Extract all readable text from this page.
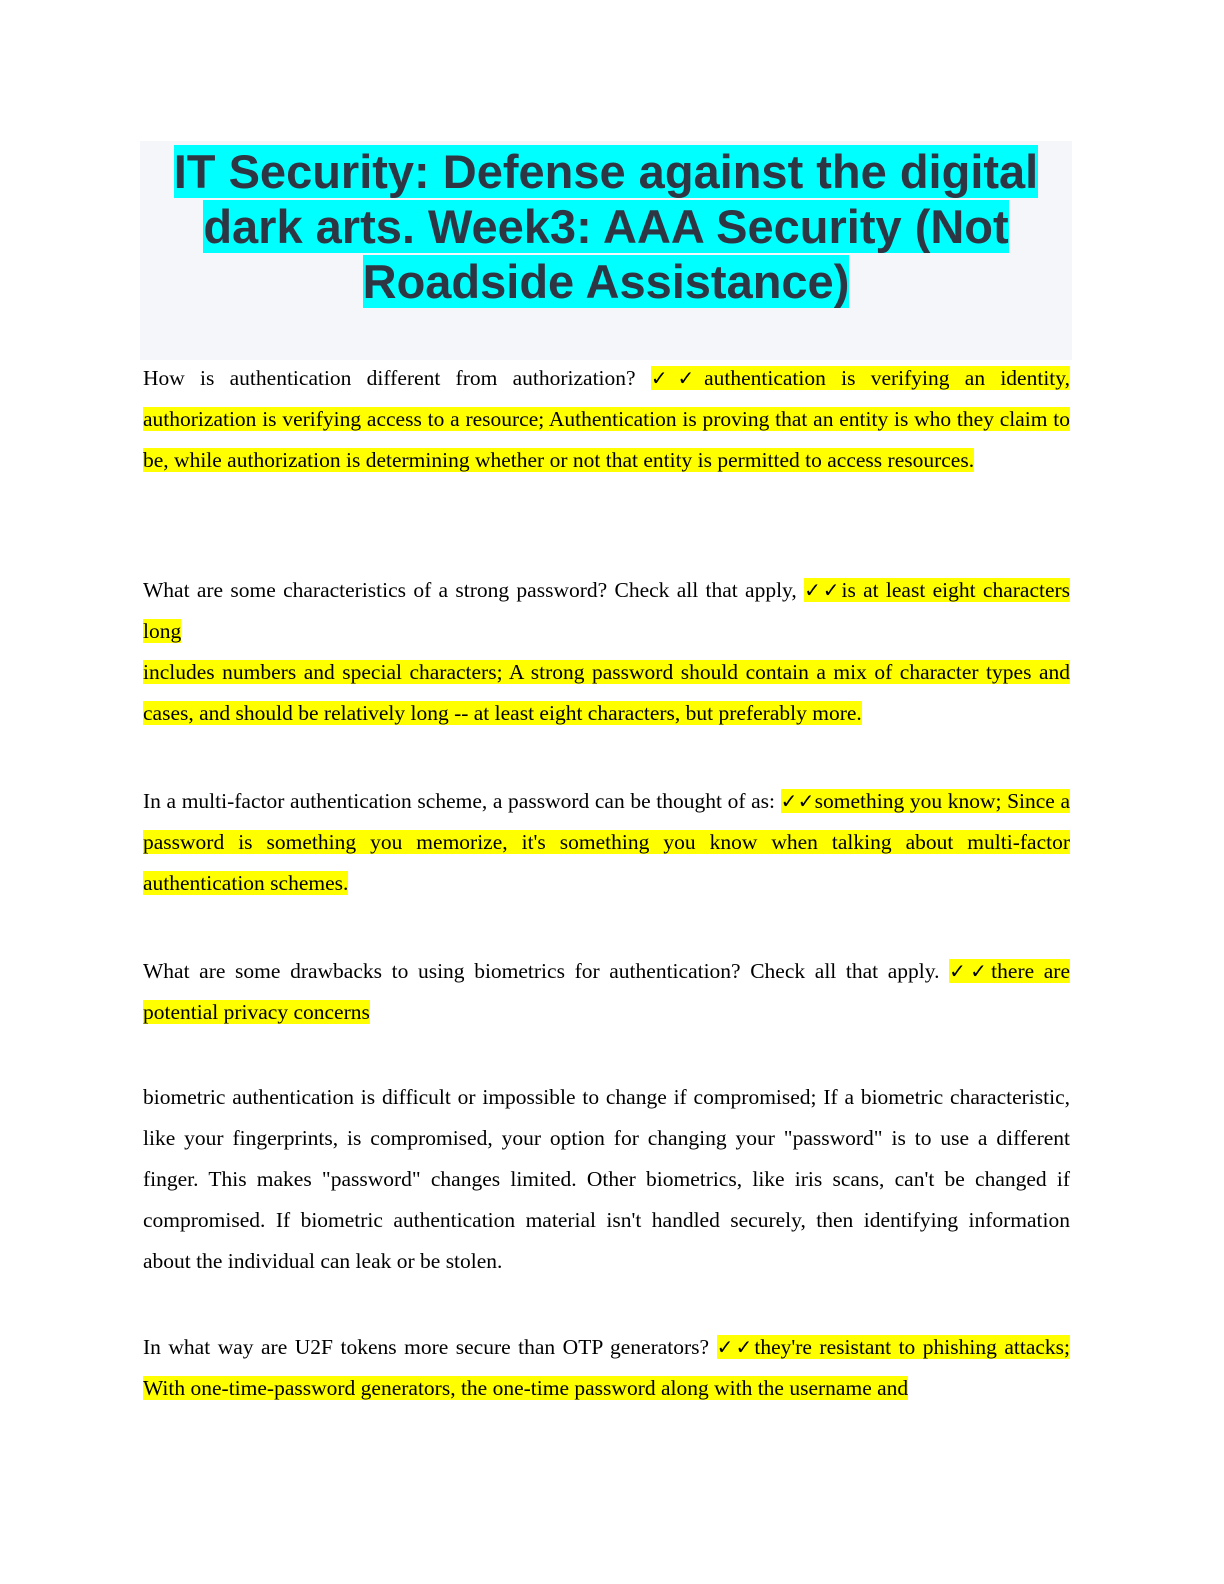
IT Security: Defense against the digital
dark arts. Week3: AAA Security (Not
Roadside Assistance)

How is authentication different from authorization? ✓✓authentication is verifying an identity, authorization is verifying access to a resource; Authentication is proving that an entity is who they claim to be, while authorization is determining whether or not that entity is permitted to access resources.

What are some characteristics of a strong password? Check all that apply, ✓✓is at least eight characters long
includes numbers and special characters; A strong password should contain a mix of character types and cases, and should be relatively long -- at least eight characters, but preferably more.

In a multi-factor authentication scheme, a password can be thought of as: ✓✓something you know; Since a password is something you memorize, it's something you know when talking about multi-factor authentication schemes.

What are some drawbacks to using biometrics for authentication? Check all that apply. ✓✓there are potential privacy concerns

biometric authentication is difficult or impossible to change if compromised; If a biometric characteristic, like your fingerprints, is compromised, your option for changing your "password" is to use a different finger. This makes "password" changes limited. Other biometrics, like iris scans, can't be changed if compromised. If biometric authentication material isn't handled securely, then identifying information about the individual can leak or be stolen.

In what way are U2F tokens more secure than OTP generators? ✓✓they're resistant to phishing attacks; With one-time-password generators, the one-time password along with the username and
